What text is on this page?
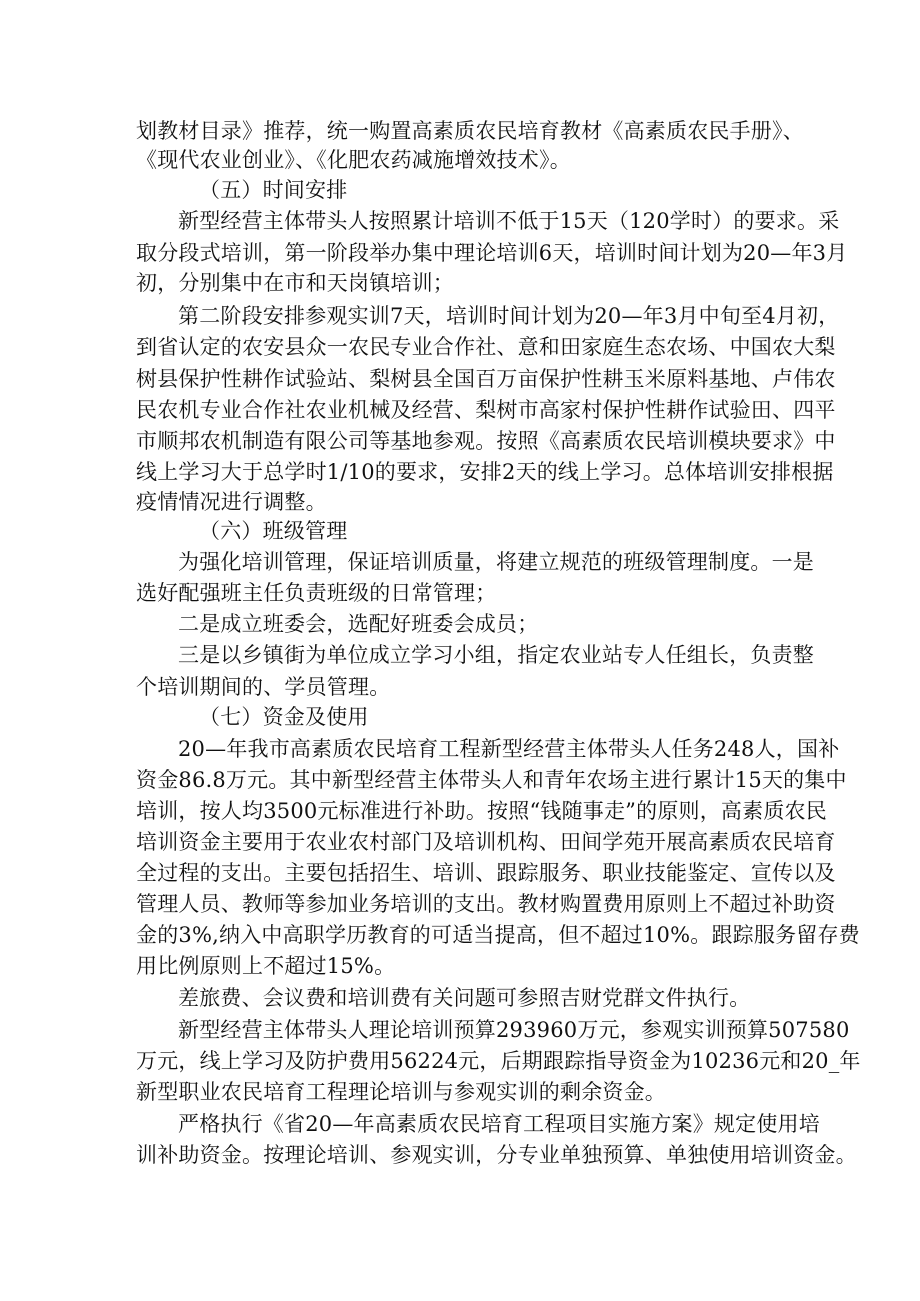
划教材目录》推荐，统一购置高素质农民培育教材《高素质农民手册》、
《现代农业创业》、《化肥农药减施增效技术》。
（五）时间安排
新型经营主体带头人按照累计培训不低于15天（120学时）的要求。采
取分段式培训，第一阶段举办集中理论培训6天，培训时间计划为20—年3月
初，分别集中在市和天岗镇培训；
第二阶段安排参观实训7天，培训时间计划为20—年3月中旬至4月初，
到省认定的农安县众一农民专业合作社、意和田家庭生态农场、中国农大梨
树县保护性耕作试验站、梨树县全国百万亩保护性耕玉米原料基地、卢伟农
民农机专业合作社农业机械及经营、梨树市高家村保护性耕作试验田、四平
市顺邦农机制造有限公司等基地参观。按照《高素质农民培训模块要求》中
线上学习大于总学时1/10的要求，安排2天的线上学习。总体培训安排根据
疫情情况进行调整。
（六）班级管理
为强化培训管理，保证培训质量，将建立规范的班级管理制度。一是
选好配强班主任负责班级的日常管理；
二是成立班委会，选配好班委会成员；
三是以乡镇街为单位成立学习小组，指定农业站专人任组长，负责整
个培训期间的、学员管理。
（七）资金及使用
20—年我市高素质农民培育工程新型经营主体带头人任务248人，国补
资金86.8万元。其中新型经营主体带头人和青年农场主进行累计15天的集中
培训，按人均3500元标准进行补助。按照“钱随事走”的原则，高素质农民
培训资金主要用于农业农村部门及培训机构、田间学苑开展高素质农民培育
全过程的支出。主要包括招生、培训、跟踪服务、职业技能鉴定、宣传以及
管理人员、教师等参加业务培训的支出。教材购置费用原则上不超过补助资
金的3%,纳入中高职学历教育的可适当提高，但不超过10%。跟踪服务留存费
用比例原则上不超过15%。
差旅费、会议费和培训费有关问题可参照吉财党群文件执行。
新型经营主体带头人理论培训预算293960万元，参观实训预算507580
万元，线上学习及防护费用56224元，后期跟踪指导资金为10236元和20_年
新型职业农民培育工程理论培训与参观实训的剩余资金。
严格执行《省20—年高素质农民培育工程项目实施方案》规定使用培
训补助资金。按理论培训、参观实训，分专业单独预算、单独使用培训资金。
